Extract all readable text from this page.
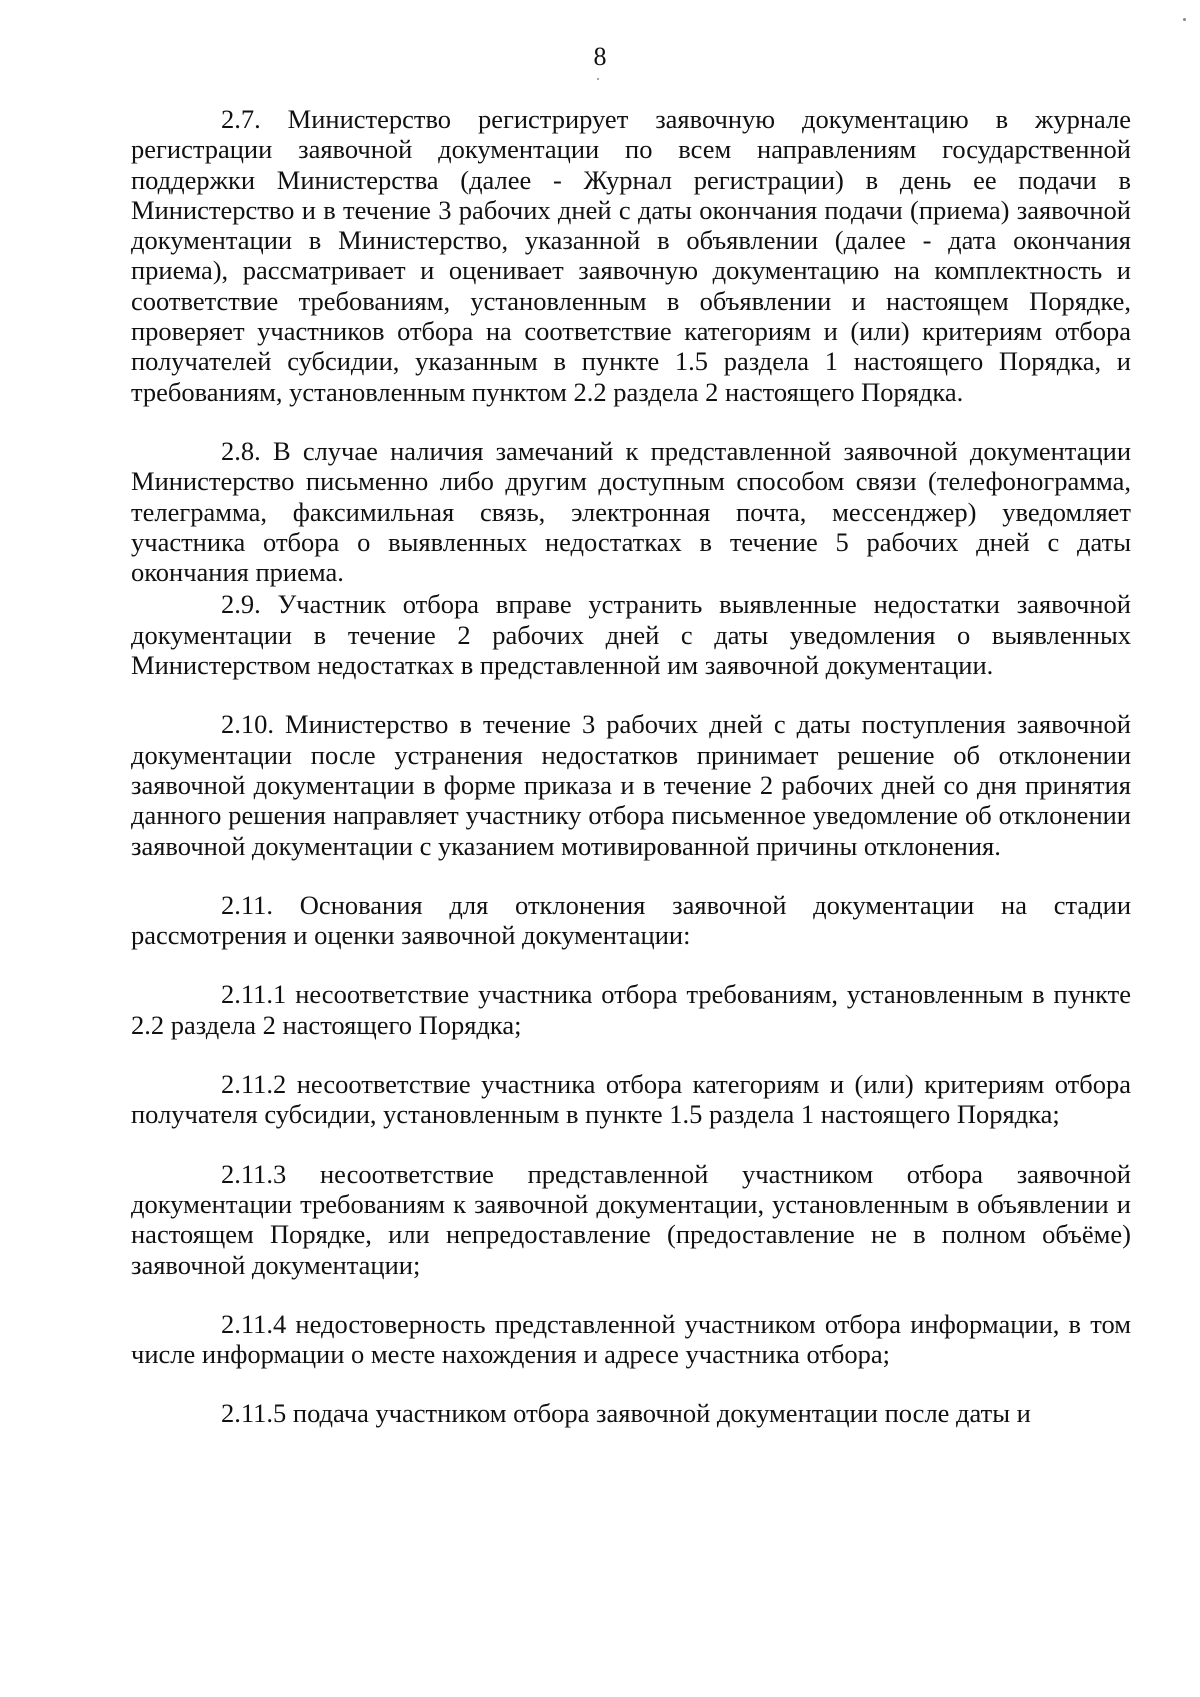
8

2.7. Министерство регистрирует заявочную документацию в журнале регистрации заявочной документации по всем направлениям государственной поддержки Министерства (далее - Журнал регистрации) в день ее подачи в Министерство и в течение 3 рабочих дней с даты окончания подачи (приема) заявочной документации в Министерство, указанной в объявлении (далее - дата окончания приема), рассматривает и оценивает заявочную документацию на комплектность и соответствие требованиям, установленным в объявлении и настоящем Порядке, проверяет участников отбора на соответствие категориям и (или) критериям отбора получателей субсидии, указанным в пункте 1.5 раздела 1 настоящего Порядка, и требованиям, установленным пунктом 2.2 раздела 2 настоящего Порядка.

2.8. В случае наличия замечаний к представленной заявочной документации Министерство письменно либо другим доступным способом связи (телефонограмма, телеграмма, факсимильная связь, электронная почта, мессенджер) уведомляет участника отбора о выявленных недостатках в течение 5 рабочих дней с даты окончания приема.

2.9. Участник отбора вправе устранить выявленные недостатки заявочной документации в течение 2 рабочих дней с даты уведомления о выявленных Министерством недостатках в представленной им заявочной документации.

2.10. Министерство в течение 3 рабочих дней с даты поступления заявочной документации после устранения недостатков принимает решение об отклонении заявочной документации в форме приказа и в течение 2 рабочих дней со дня принятия данного решения направляет участнику отбора письменное уведомление об отклонении заявочной документации с указанием мотивированной причины отклонения.

2.11. Основания для отклонения заявочной документации на стадии рассмотрения и оценки заявочной документации:

2.11.1 несоответствие участника отбора требованиям, установленным в пункте 2.2 раздела 2 настоящего Порядка;

2.11.2 несоответствие участника отбора категориям и (или) критериям отбора получателя субсидии, установленным в пункте 1.5 раздела 1 настоящего Порядка;

2.11.3 несоответствие представленной участником отбора заявочной документации требованиям к заявочной документации, установленным в объявлении и настоящем Порядке, или непредоставление (предоставление не в полном объёме) заявочной документации;

2.11.4 недостоверность представленной участником отбора информации, в том числе информации о месте нахождения и адресе участника отбора;

2.11.5 подача участником отбора заявочной документации после даты и
